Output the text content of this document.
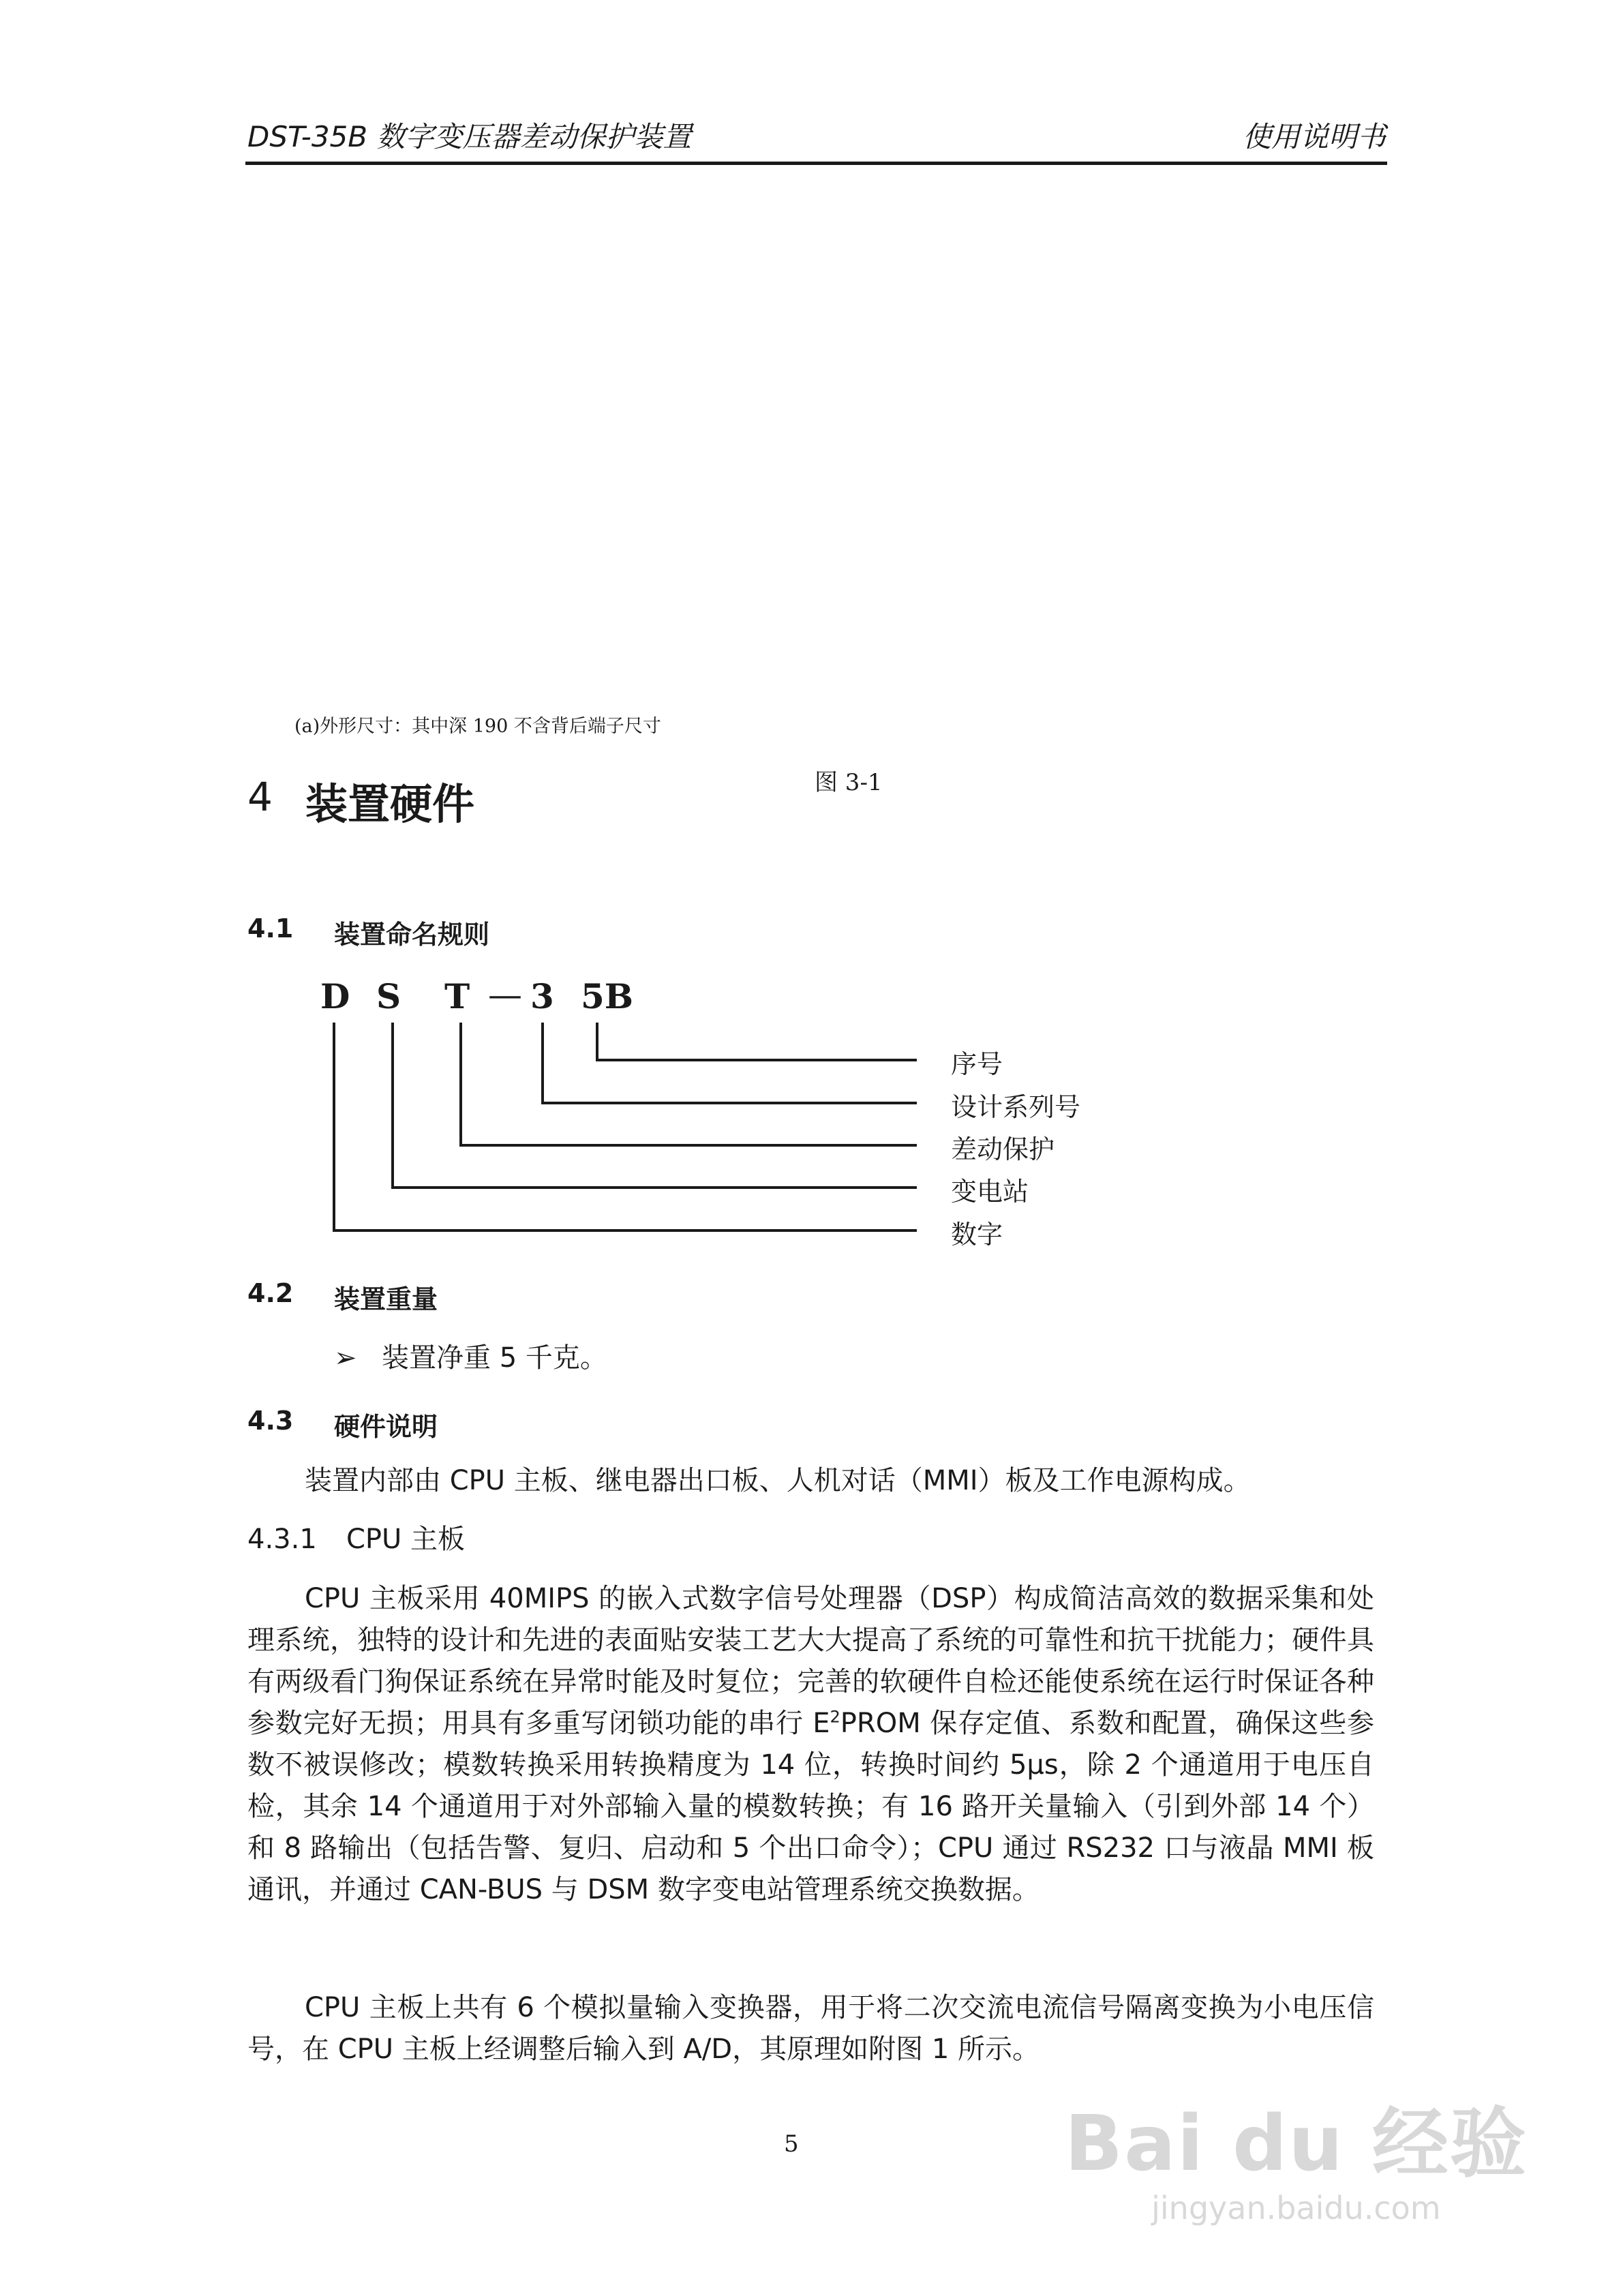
DST-35B 数字变压器差动保护装置	使用说明书
(a)外形尺寸：其中深 190 不含背后端子尺寸
图 3-1
4 装置硬件
4.1 装置命名规则
D S T — 3 5B
序号
设计系列号
差动保护
变电站
数字
4.2 装置重量
➢ 装置净重 5 千克。
4.3 硬件说明
装置内部由 CPU 主板、继电器出口板、人机对话（MMI）板及工作电源构成。
4.3.1 CPU 主板
CPU 主板采用 40MIPS 的嵌入式数字信号处理器（DSP）构成简洁高效的数据采集和处理系统，独特的设计和先进的表面贴安装工艺大大提高了系统的可靠性和抗干扰能力；硬件具有两级看门狗保证系统在异常时能及时复位；完善的软硬件自检还能使系统在运行时保证各种参数完好无损；用具有多重写闭锁功能的串行 $E^2PROM$ 保存定值、系数和配置，确保这些参数不被误修改；模数转换采用转换精度为 14 位，转换时间约 5μs，除 2 个通道用于电压自检，其余 14 个通道用于对外部输入量的模数转换；有 16 路开关量输入（引到外部 14 个）和 8 路输出（包括告警、复归、启动和 5 个出口命令）；CPU 通过 RS232 口与液晶 MMI 板通讯，并通过 CAN-BUS 与 DSM 数字变电站管理系统交换数据。
CPU 主板上共有 6 个模拟量输入变换器，用于将二次交流电流信号隔离变换为小电压信号，在 CPU 主板上经调整后输入到 A/D，其原理如附图 1 所示。
5	Bai du 经验
jingyan.baidu.com
